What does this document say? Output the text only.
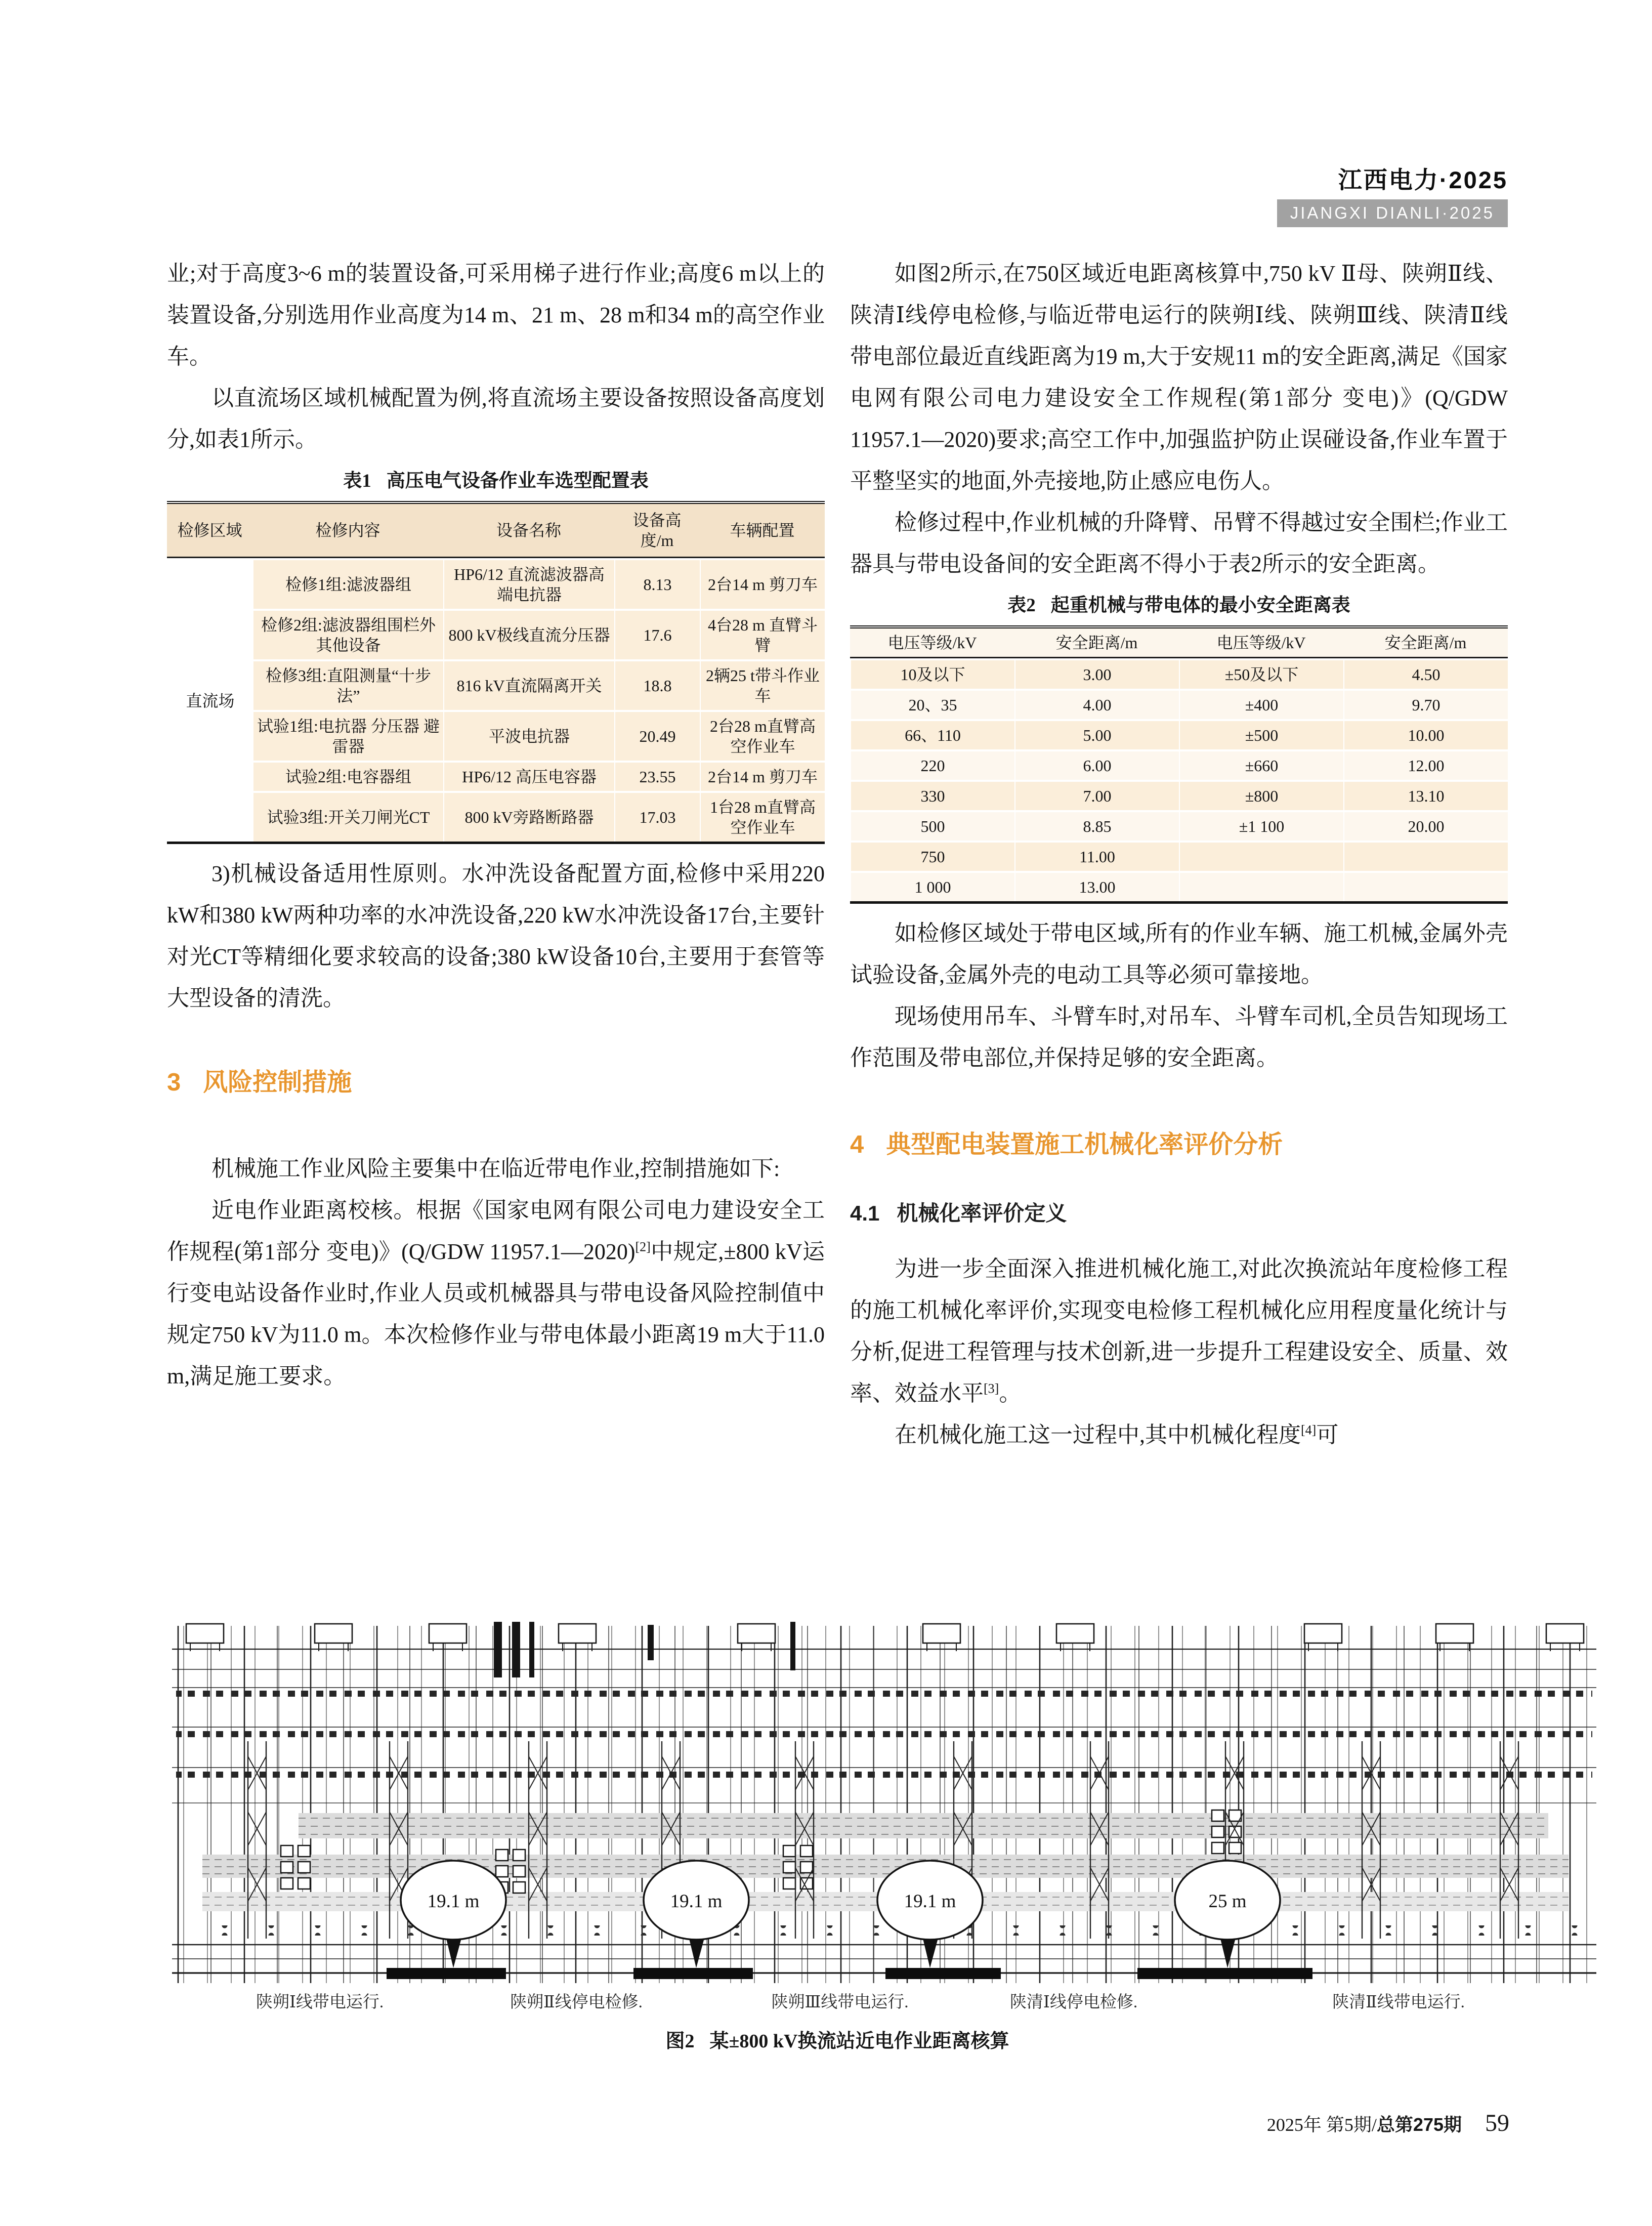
江西电力·2025
JIANGXI DIANLI·2025

业;对于高度3~6 m的装置设备,可采用梯子进行作业;高度6 m以上的装置设备,分别选用作业高度为14 m、21 m、28 m和34 m的高空作业车。

以直流场区域机械配置为例,将直流场主要设备按照设备高度划分,如表1所示。

表1 高压电气设备作业车选型配置表
检修区域	检修内容	设备名称	设备高度/m	车辆配置
直流场	检修1组:滤波器组	HP6/12 直流滤波器高端电抗器	8.13	2台14 m 剪刀车
	检修2组:滤波器组围栏外其他设备	800 kV极线直流分压器	17.6	4台28 m 直臂斗臂
	检修3组:直阻测量“十步法”	816 kV直流隔离开关	18.8	2辆25 t带斗作业车
	试验1组:电抗器 分压器 避雷器	平波电抗器	20.49	2台28 m直臂高空作业车
	试验2组:电容器组	HP6/12 高压电容器	23.55	2台14 m 剪刀车
	试验3组:开关刀闸光CT	800 kV旁路断路器	17.03	1台28 m直臂高空作业车

3)机械设备适用性原则。水冲洗设备配置方面,检修中采用220 kW和380 kW两种功率的水冲洗设备,220 kW水冲洗设备17台,主要针对光CT等精细化要求较高的设备;380 kW设备10台,主要用于套管等大型设备的清洗。

3 风险控制措施

机械施工作业风险主要集中在临近带电作业,控制措施如下:

近电作业距离校核。根据《国家电网有限公司电力建设安全工作规程(第1部分 变电)》(Q/GDW 11957.1—2020)[2]中规定,±800 kV运行变电站设备作业时,作业人员或机械器具与带电设备风险控制值中规定750 kV为11.0 m。本次检修作业与带电体最小距离19 m大于11.0 m,满足施工要求。

如图2所示,在750区域近电距离核算中,750 kV Ⅱ母、陕朔Ⅱ线、陕清Ⅰ线停电检修,与临近带电运行的陕朔Ⅰ线、陕朔Ⅲ线、陕清Ⅱ线带电部位最近直线距离为19 m,大于安规11 m的安全距离,满足《国家电网有限公司电力建设安全工作规程(第1部分 变电)》(Q/GDW 11957.1—2020)要求;高空工作中,加强监护防止误碰设备,作业车置于平整坚实的地面,外壳接地,防止感应电伤人。

检修过程中,作业机械的升降臂、吊臂不得越过安全围栏;作业工器具与带电设备间的安全距离不得小于表2所示的安全距离。

表2 起重机械与带电体的最小安全距离表
电压等级/kV	安全距离/m	电压等级/kV	安全距离/m
10及以下	3.00	±50及以下	4.50
20、35	4.00	±400	9.70
66、110	5.00	±500	10.00
220	6.00	±660	12.00
330	7.00	±800	13.10
500	8.85	±1 100	20.00
750	11.00		
1 000	13.00		

如检修区域处于带电区域,所有的作业车辆、施工机械,金属外壳试验设备,金属外壳的电动工具等必须可靠接地。

现场使用吊车、斗臂车时,对吊车、斗臂车司机,全员告知现场工作范围及带电部位,并保持足够的安全距离。

4 典型配电装置施工机械化率评价分析
4.1 机械化率评价定义

为进一步全面深入推进机械化施工,对此次换流站年度检修工程的施工机械化率评价,实现变电检修工程机械化应用程度量化统计与分析,促进工程管理与技术创新,进一步提升工程建设安全、质量、效率、效益水平[3]。

在机械化施工这一过程中,其中机械化程度[4]可

19.1 m	19.1 m	19.1 m	25 m
陕朔Ⅰ线带电运行.	陕朔Ⅱ线停电检修.	陕朔Ⅲ线带电运行.	陕清Ⅰ线停电检修.	陕清Ⅱ线带电运行.
图2 某±800 kV换流站近电作业距离核算
2025年 第5期/总第275期 59
